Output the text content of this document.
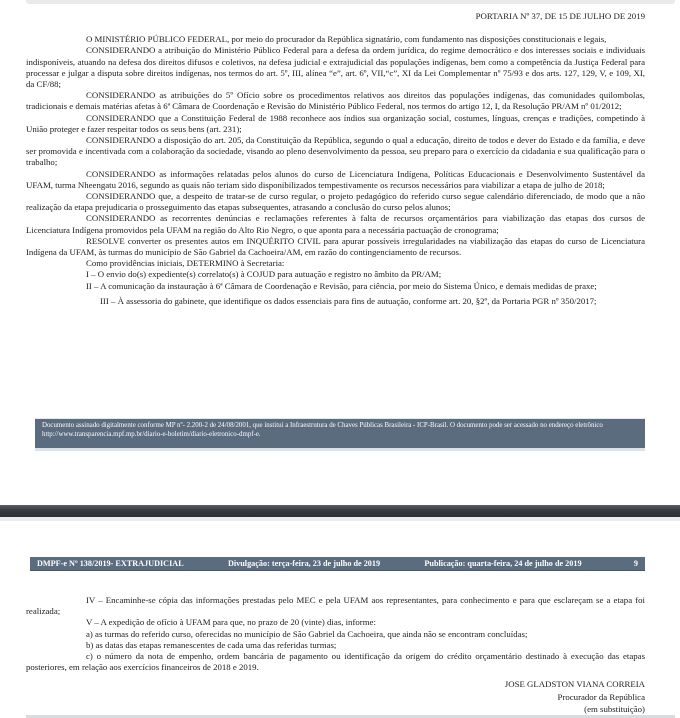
PORTARIA Nº 37, DE 15 DE JULHO DE 2019

O MINISTÉRIO PÚBLICO FEDERAL, por meio do procurador da República signatário, com fundamento nas disposições constitucionais e legais,

CONSIDERANDO a atribuição do Ministério Público Federal para a defesa da ordem jurídica, do regime democrático e dos interesses sociais e individuais indisponíveis, atuando na defesa dos direitos difusos e coletivos, na defesa judicial e extrajudicial das populações indígenas, bem como a competência da Justiça Federal para processar e julgar a disputa sobre direitos indígenas, nos termos do art. 5º, III, alínea “e”, art. 6º, VII,“c”, XI da Lei Complementar nº 75/93 e dos arts. 127, 129, V, e 109, XI, da CF/88;

CONSIDERANDO as atribuições do 5º Ofício sobre os procedimentos relativos aos direitos das populações indígenas, das comunidades quilombolas, tradicionais e demais matérias afetas à 6ª Câmara de Coordenação e Revisão do Ministério Público Federal, nos termos do artigo 12, I, da Resolução PR/AM nº 01/2012;

CONSIDERANDO que a Constituição Federal de 1988 reconhece aos índios sua organização social, costumes, línguas, crenças e tradições, competindo à União proteger e fazer respeitar todos os seus bens (art. 231);

CONSIDERANDO a disposição do art. 205, da Constituição da República, segundo o qual a educação, direito de todos e dever do Estado e da família, e deve ser promovida e incentivada com a colaboração da sociedade, visando ao pleno desenvolvimento da pessoa, seu preparo para o exercício da cidadania e sua qualificação para o trabalho;

CONSIDERANDO as informações relatadas pelos alunos do curso de Licenciatura Indígena, Políticas Educacionais e Desenvolvimento Sustentável da UFAM, turma Nheengatu 2016, segundo as quais não teriam sido disponibilizados tempestivamente os recursos necessários para viabilizar a etapa de julho de 2018;

CONSIDERANDO que, a despeito de tratar-se de curso regular, o projeto pedagógico do referido curso segue calendário diferenciado, de modo que a não realização da etapa prejudicaria o prosseguimento das etapas subsequentes, atrasando a conclusão do curso pelos alunos;

CONSIDERANDO as recorrentes denúncias e reclamações referentes à falta de recursos orçamentários para viabilização das etapas dos cursos de Licenciatura Indígena promovidos pela UFAM na região do Alto Rio Negro, o que aponta para a necessária pactuação de cronograma;

RESOLVE converter os presentes autos em INQUÉRITO CIVIL para apurar possíveis irregularidades na viabilização das etapas do curso de Licenciatura Indígena da UFAM, às turmas do município de São Gabriel da Cachoeira/AM, em razão do contingenciamento de recursos.

Como providências iniciais, DETERMINO à Secretaria:

I – O envio do(s) expediente(s) correlato(s) à COJUD para autuação e registro no âmbito da PR/AM;

II – A comunicação da instauração à 6ª Câmara de Coordenação e Revisão, para ciência, por meio do Sistema Único, e demais medidas de praxe;

III – À assessoria do gabinete, que identifique os dados essenciais para fins de autuação, conforme art. 20, §2º, da Portaria PGR nº 350/2017;

Documento assinado digitalmente conforme MP nº- 2.200-2 de 24/08/2001, que institui a Infraestrutura de Chaves Públicas Brasileira - ICP-Brasil. O documento pode ser acessado no endereço eletrônico http://www.transparencia.mpf.mp.br/diario-e-boletim/diario-eletronico-dmpf-e.
DMPF-e Nº 138/2019- EXTRAJUDICIAL	Divulgação: terça-feira, 23 de julho de 2019	Publicação: quarta-feira, 24 de julho de 2019	9

IV – Encaminhe-se cópia das informações prestadas pelo MEC e pela UFAM aos representantes, para conhecimento e para que esclareçam se a etapa foi realizada;

V – A expedição de ofício à UFAM para que, no prazo de 20 (vinte) dias, informe:

a) as turmas do referido curso, oferecidas no município de São Gabriel da Cachoeira, que ainda não se encontram concluídas;

b) as datas das etapas remanescentes de cada uma das referidas turmas;

c) o número da nota de empenho, ordem bancária de pagamento ou identificação da origem do crédito orçamentário destinado à execução das etapas posteriores, em relação aos exercícios financeiros de 2018 e 2019.

JOSE GLADSTON VIANA CORREIA
Procurador da República
(em substituição)
